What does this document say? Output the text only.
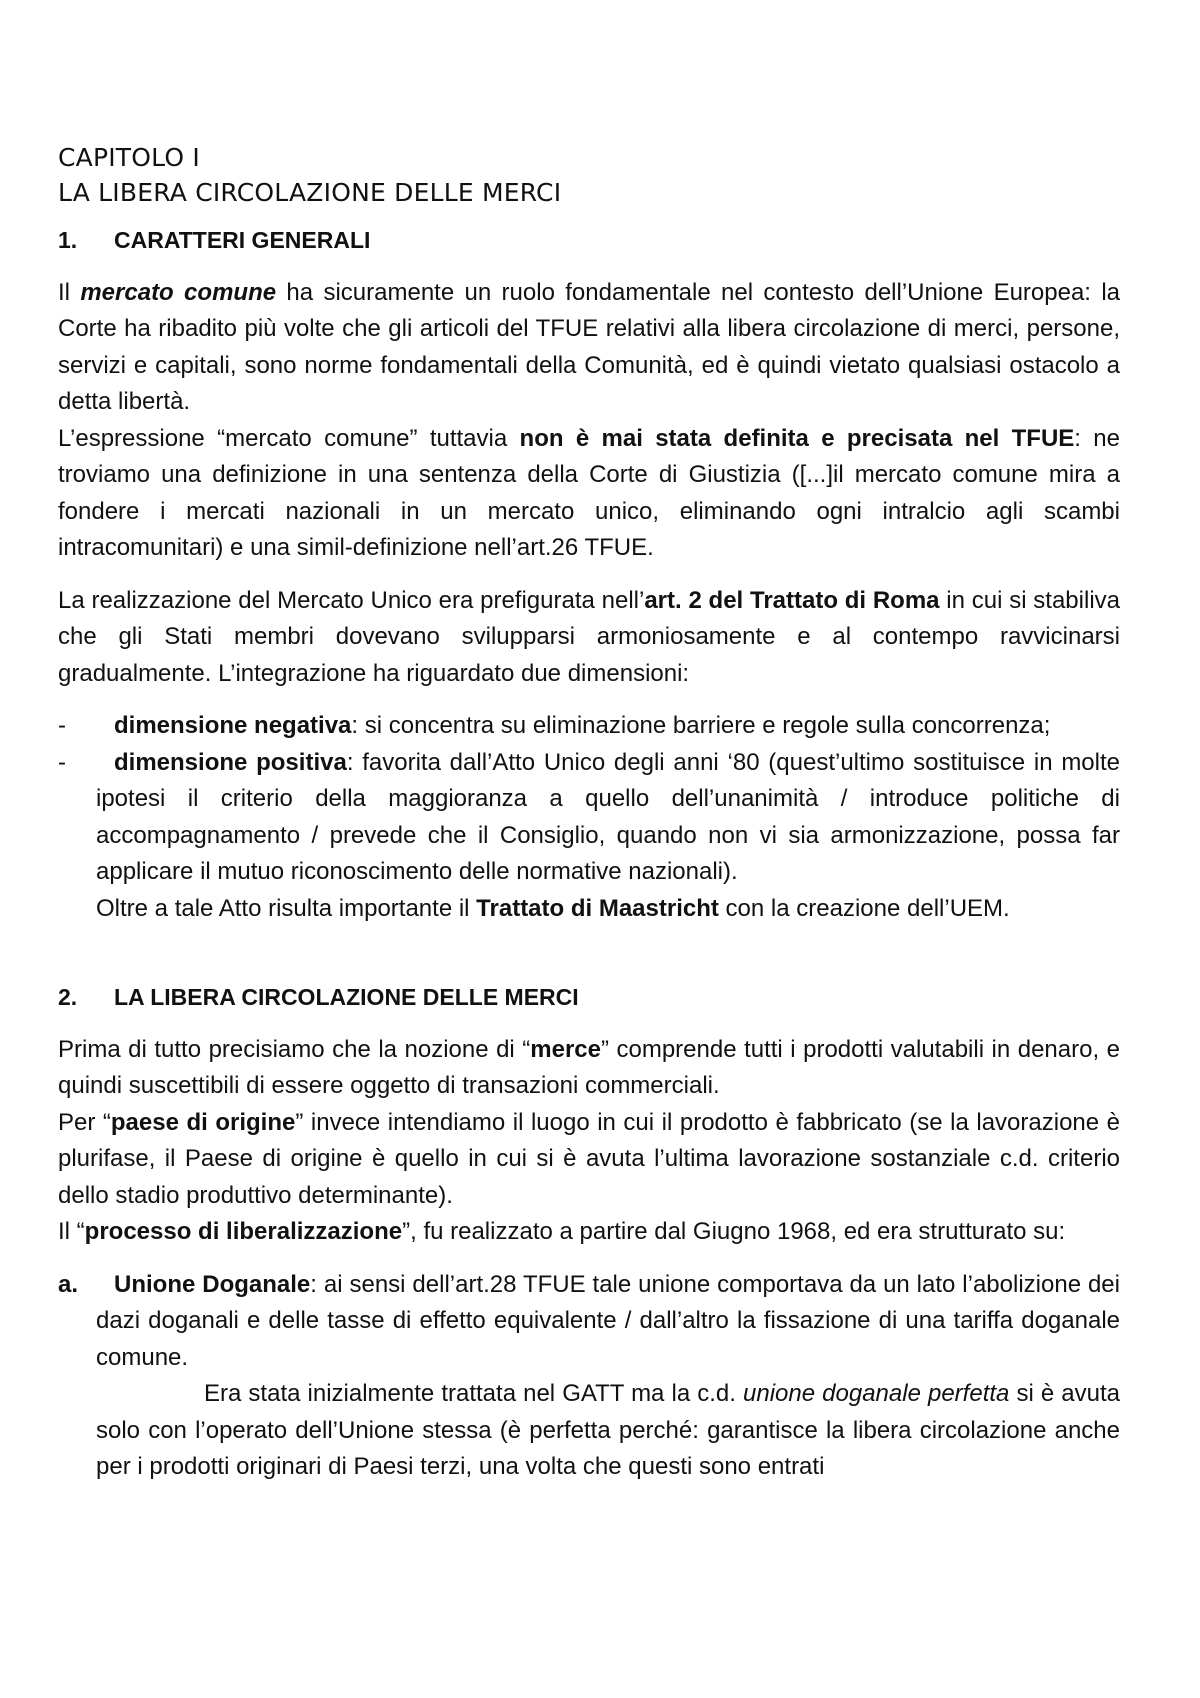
CAPITOLO I
LA LIBERA CIRCOLAZIONE DELLE MERCI
1.	CARATTERI GENERALI

Il mercato comune ha sicuramente un ruolo fondamentale nel contesto dell’Unione Europea: la Corte ha ribadito più volte che gli articoli del TFUE relativi alla libera circolazione di merci, persone, servizi e capitali, sono norme fondamentali della Comunità, ed è quindi vietato qualsiasi ostacolo a detta libertà.

L’espressione “mercato comune” tuttavia non è mai stata definita e precisata nel TFUE: ne troviamo una definizione in una sentenza della Corte di Giustizia ([...]il mercato comune mira a fondere i mercati nazionali in un mercato unico, eliminando ogni intralcio agli scambi intracomunitari) e una simil-definizione nell’art.26 TFUE.

La realizzazione del Mercato Unico era prefigurata nell’art. 2 del Trattato di Roma in cui si stabiliva che gli Stati membri dovevano svilupparsi armoniosamente e al contempo ravvicinarsi gradualmente. L’integrazione ha riguardato due dimensioni:

-	dimensione negativa: si concentra su eliminazione barriere e regole sulla concorrenza;
-	dimensione positiva: favorita dall’Atto Unico degli anni ‘80 (quest’ultimo sostituisce in molte ipotesi il criterio della maggioranza a quello dell’unanimità / introduce politiche di accompagnamento / prevede che il Consiglio, quando non vi sia armonizzazione, possa far applicare il mutuo riconoscimento delle normative nazionali).

Oltre a tale Atto risulta importante il Trattato di Maastricht con la creazione dell’UEM.

2.	LA LIBERA CIRCOLAZIONE DELLE MERCI

Prima di tutto precisiamo che la nozione di “merce” comprende tutti i prodotti valutabili in denaro, e quindi suscettibili di essere oggetto di transazioni commerciali.

Per “paese di origine” invece intendiamo il luogo in cui il prodotto è fabbricato (se la lavorazione è plurifase, il Paese di origine è quello in cui si è avuta l’ultima lavorazione sostanziale c.d. criterio dello stadio produttivo determinante).

Il “processo di liberalizzazione”, fu realizzato a partire dal Giugno 1968, ed era strutturato su:

a.	Unione Doganale: ai sensi dell’art.28 TFUE tale unione comportava da un lato l’abolizione dei dazi doganali e delle tasse di effetto equivalente / dall’altro la fissazione di una tariffa doganale comune.

Era stata inizialmente trattata nel GATT ma la c.d. unione doganale perfetta si è avuta solo con l’operato dell’Unione stessa (è perfetta perché: garantisce la libera circolazione anche per i prodotti originari di Paesi terzi, una volta che questi sono entrati
